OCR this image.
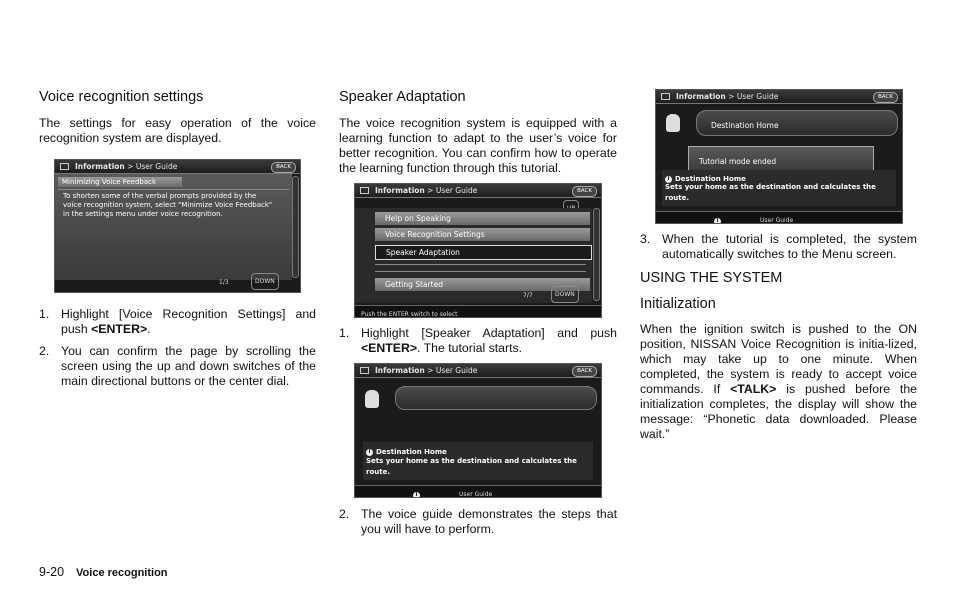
Voice recognition settings

The settings for easy operation of the voice recognition system are displayed.

Information > User Guide	BACK
Minimizing Voice Feedback
To shorten some of the verbal prompts provided by the voice recognition system, select "Minimize Voice Feedback" in the settings menu under voice recognition.
1/3	DOWN
1. Highlight [Voice Recognition Settings] and push <ENTER>.
2. You can confirm the page by scrolling the screen using the up and down switches of the main directional buttons or the center dial.
Speaker Adaptation

The voice recognition system is equipped with a learning function to adapt to the user’s voice for better recognition. You can confirm how to operate the learning function through this tutorial.

Information > User Guide	BACK
Help on Speaking
Voice Recognition Settings
Speaker Adaptation
Getting Started
7/7	DOWN
Push the ENTER switch to select
1. Highlight [Speaker Adaptation] and push <ENTER>. The tutorial starts.
Information > User Guide	BACK
i Destination Home
Sets your home as the destination and calculates the route.
i	User Guide
2. The voice guide demonstrates the steps that you will have to perform.
Information > User Guide	BACK
Destination Home
Tutorial mode ended
i Destination Home
Sets your home as the destination and calculates the route.
i	User Guide
3. When the tutorial is completed, the system automatically switches to the Menu screen.
USING THE SYSTEM
Initialization

When the ignition switch is pushed to the ON position, NISSAN Voice Recognition is initia-lized, which may take up to one minute. When completed, the system is ready to accept voice commands. If <TALK> is pushed before the initialization completes, the display will show the message: “Phonetic data downloaded. Please wait.”

9-20 Voice recognition
